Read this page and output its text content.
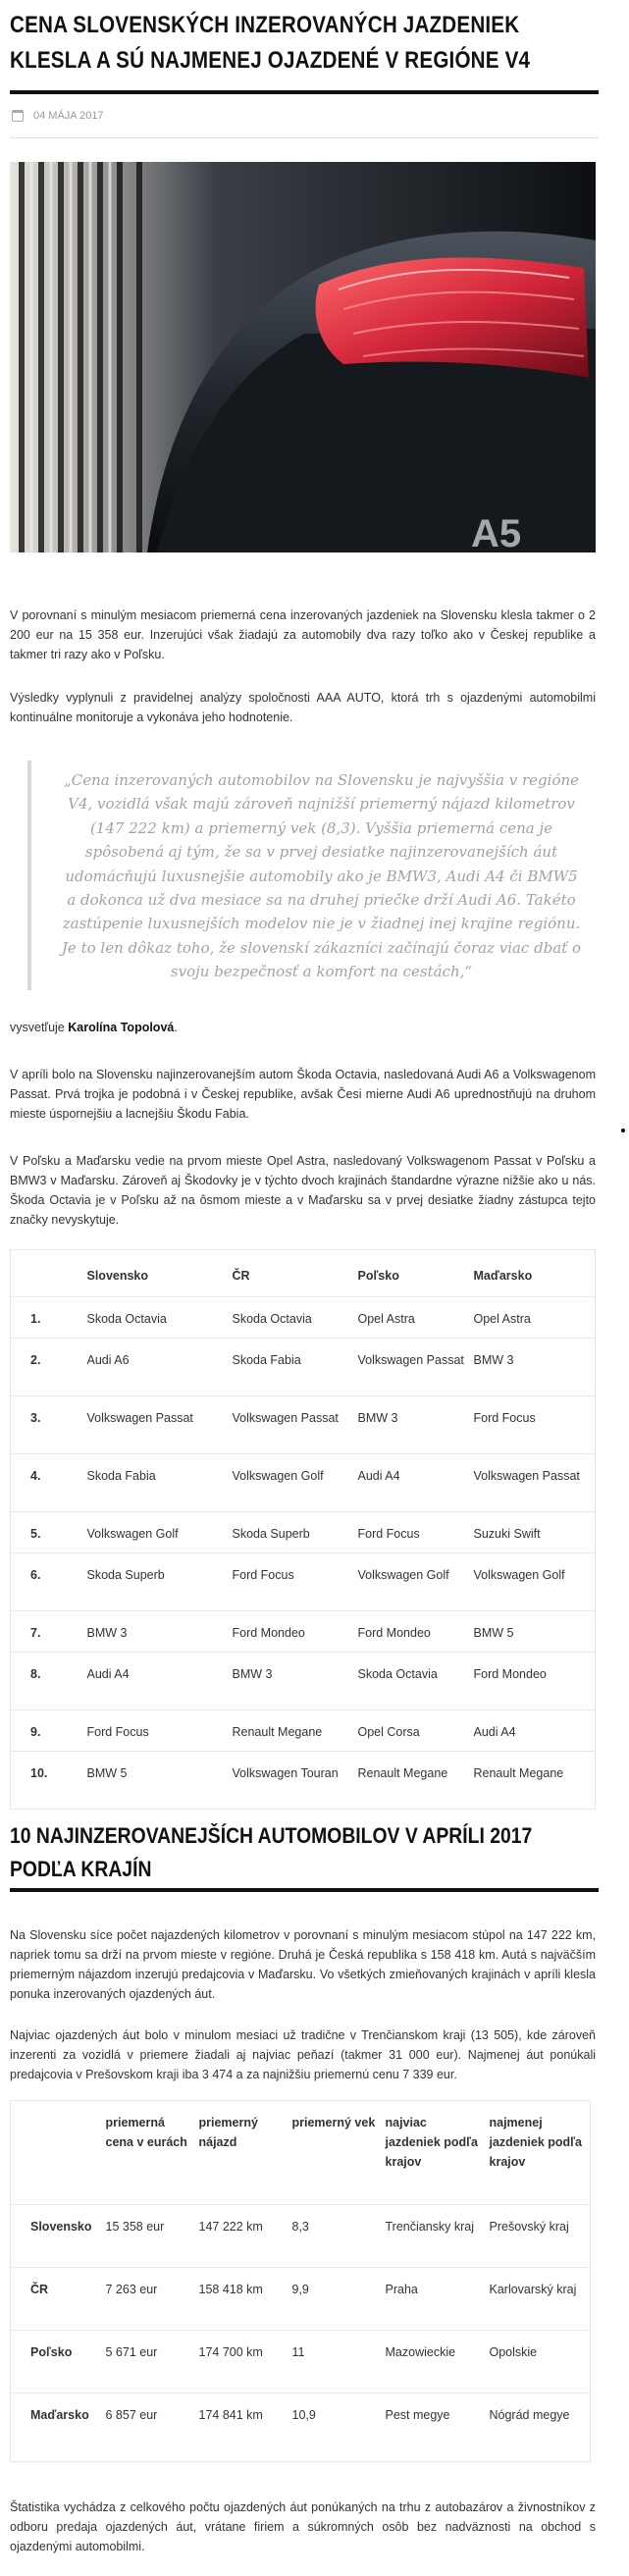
CENA SLOVENSKÝCH INZEROVANÝCH JAZDENIEK KLESLA A SÚ NAJMENEJ OJAZDENÉ V REGIÓNE V4
04 MÁJA 2017
A5

V porovnaní s minulým mesiacom priemerná cena inzerovaných jazdeniek na Slovensku klesla takmer o 2 200 eur na 15 358 eur. Inzerujúci však žiadajú za automobily dva razy toľko ako v Českej republike a takmer tri razy ako v Poľsku.

Výsledky vyplynuli z pravidelnej analýzy spoločnosti AAA AUTO, ktorá trh s ojazdenými automobilmi kontinuálne monitoruje a vykonáva jeho hodnotenie.

„Cena inzerovaných automobilov na Slovensku je najvyššia v regióne V4, vozidlá však majú zároveň najnižší priemerný nájazd kilometrov (147 222 km) a priemerný vek (8,3). Vyššia priemerná cena je spôsobená aj tým, že sa v prvej desiatke najinzerovanejších áut udomácňujú luxusnejšie automobily ako je BMW3, Audi A4 či BMW5 a dokonca už dva mesiace sa na druhej priečke drží Audi A6. Takéto zastúpenie luxusnejších modelov nie je v žiadnej inej krajine regiónu. Je to len dôkaz toho, že slovenskí zákazníci začínajú čoraz viac dbať o svoju bezpečnosť a komfort na cestách,“

vysvetľuje Karolína Topolová.

V apríli bolo na Slovensku najinzerovanejším autom Škoda Octavia, nasledovaná Audi A6 a Volkswagenom Passat. Prvá trojka je podobná i v Českej republike, avšak Česi mierne Audi A6 uprednostňujú na druhom mieste úspornejšiu a lacnejšiu Škodu Fabia.

V Poľsku a Maďarsku vedie na prvom mieste Opel Astra, nasledovaný Volkswagenom Passat v Poľsku a BMW3 v Maďarsku. Zároveň aj Škodovky je v týchto dvoch krajinách štandardne výrazne nižšie ako u nás. Škoda Octavia je v Poľsku až na ôsmom mieste a v Maďarsku sa v prvej desiatke žiadny zástupca tejto značky nevyskytuje.

	Slovensko	ČR	Poľsko	Maďarsko
1.	Skoda Octavia	Skoda Octavia	Opel Astra	Opel Astra
2.	Audi A6	Skoda Fabia	Volkswagen Passat	BMW 3
3.	Volkswagen Passat	Volkswagen Passat	BMW 3	Ford Focus
4.	Skoda Fabia	Volkswagen Golf	Audi A4	Volkswagen Passat
5.	Volkswagen Golf	Skoda Superb	Ford Focus	Suzuki Swift
6.	Skoda Superb	Ford Focus	Volkswagen Golf	Volkswagen Golf
7.	BMW 3	Ford Mondeo	Ford Mondeo	BMW 5
8.	Audi A4	BMW 3	Skoda Octavia	Ford Mondeo
9.	Ford Focus	Renault Megane	Opel Corsa	Audi A4
10.	BMW 5	Volkswagen Touran	Renault Megane	Renault Megane
10 NAJINZEROVANEJŠÍCH AUTOMOBILOV V APRÍLI 2017 PODĽA KRAJÍN

Na Slovensku síce počet najazdených kilometrov v porovnaní s minulým mesiacom stúpol na 147 222 km, napriek tomu sa drží na prvom mieste v regióne. Druhá je Česká republika s 158 418 km. Autá s najväčším priemerným nájazdom inzerujú predajcovia v Maďarsku. Vo všetkých zmieňovaných krajinách v apríli klesla ponuka inzerovaných ojazdených áut.

Najviac ojazdených áut bolo v minulom mesiaci už tradične v Trenčianskom kraji (13 505), kde zároveň inzerenti za vozidlá v priemere žiadali aj najviac peňazí (takmer 31 000 eur). Najmenej áut ponúkali predajcovia v Prešovskom kraji iba 3 474 a za najnižšiu priemernú cenu 7 339 eur.

	priemerná cena v eurách	priemerný nájazd	priemerný vek	najviac jazdeniek podľa krajov	najmenej jazdeniek podľa krajov
Slovensko	15 358 eur	147 222 km	8,3	Trenčiansky kraj	Prešovský kraj
ČR	7 263 eur	158 418 km	9,9	Praha	Karlovarský kraj
Poľsko	5 671 eur	174 700 km	11	Mazowieckie	Opolskie
Maďarsko	6 857 eur	174 841 km	10,9	Pest megye	Nógrád megye

Štatistika vychádza z celkového počtu ojazdených áut ponúkaných na trhu z autobazárov a živnostníkov z odboru predaja ojazdených áut, vrátane firiem a súkromných osôb bez nadväznosti na obchod s ojazdenými automobilmi.
